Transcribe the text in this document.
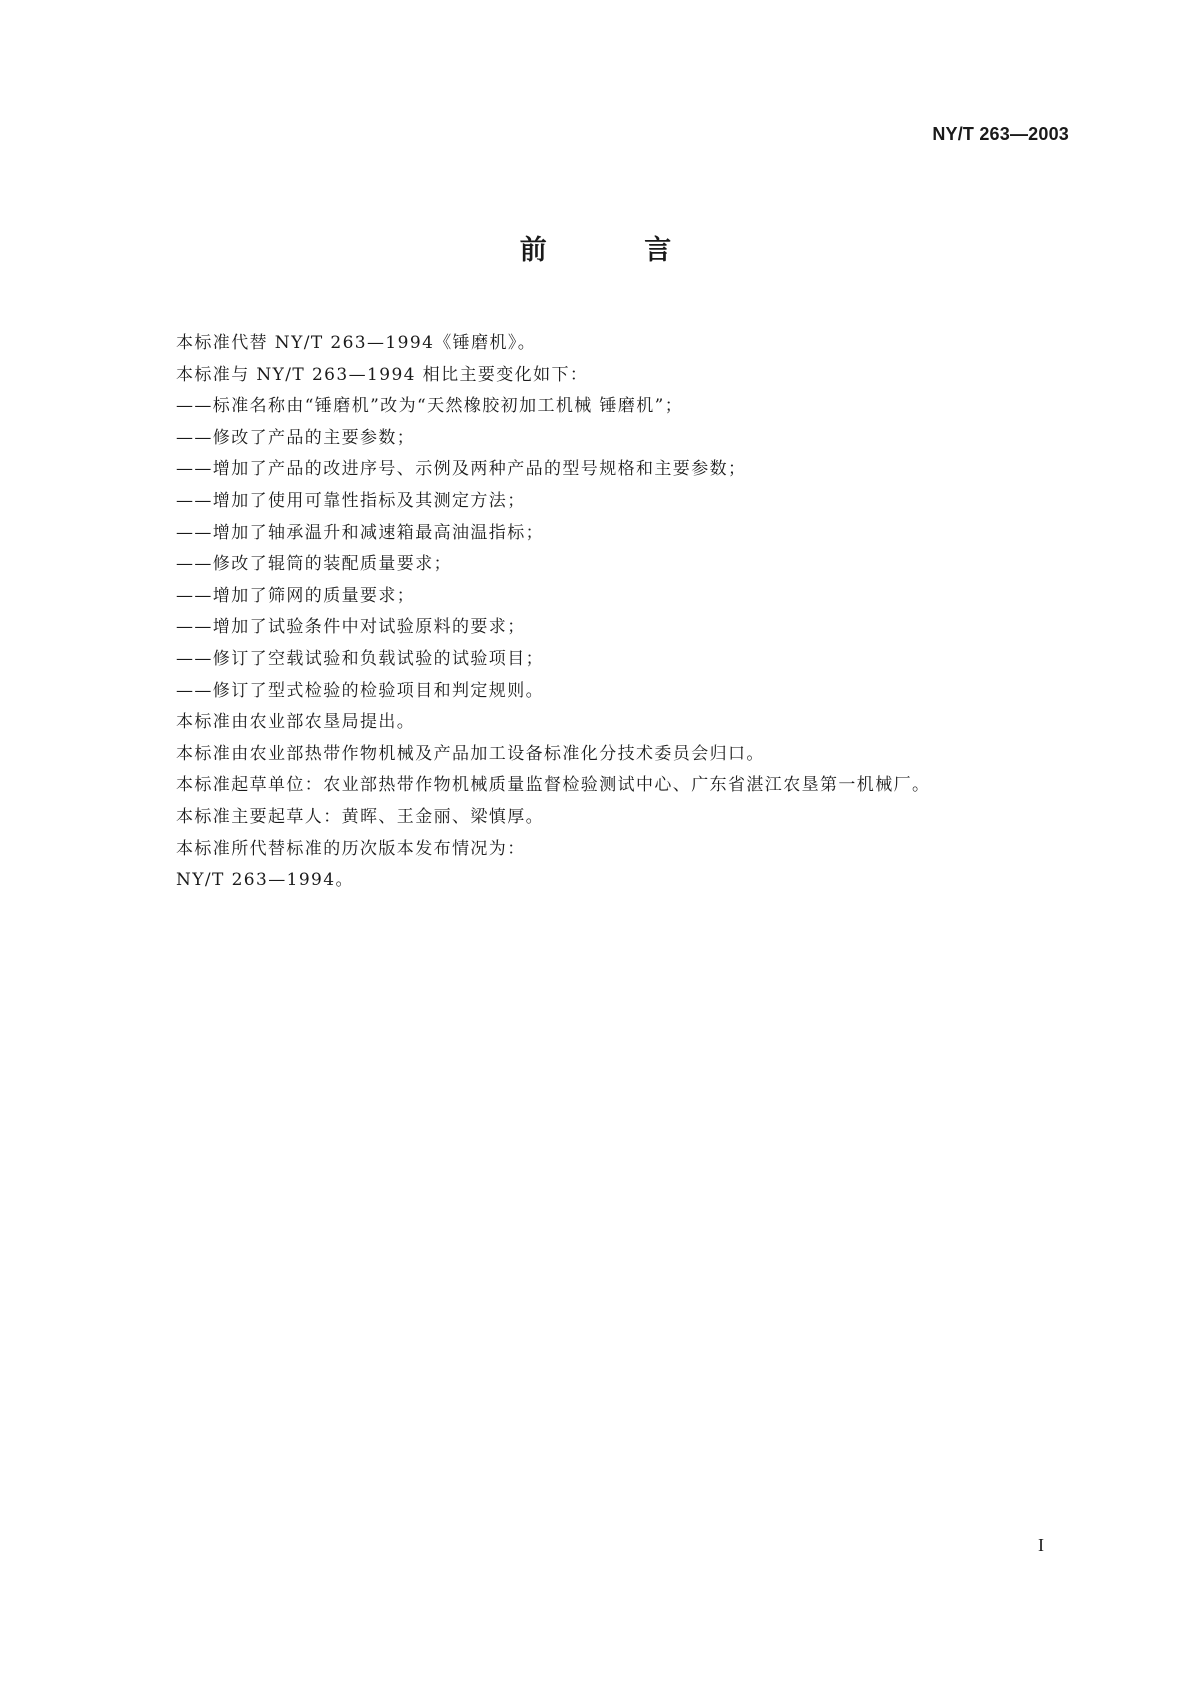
NY/T 263—2003
前 言
本标准代替 NY/T 263—1994《锤磨机》。
本标准与 NY/T 263—1994 相比主要变化如下：
——标准名称由“锤磨机”改为“天然橡胶初加工机械 锤磨机”；
——修改了产品的主要参数；
——增加了产品的改进序号、示例及两种产品的型号规格和主要参数；
——增加了使用可靠性指标及其测定方法；
——增加了轴承温升和减速箱最高油温指标；
——修改了辊筒的装配质量要求；
——增加了筛网的质量要求；
——增加了试验条件中对试验原料的要求；
——修订了空载试验和负载试验的试验项目；
——修订了型式检验的检验项目和判定规则。
本标准由农业部农垦局提出。
本标准由农业部热带作物机械及产品加工设备标准化分技术委员会归口。
本标准起草单位：农业部热带作物机械质量监督检验测试中心、广东省湛江农垦第一机械厂。
本标准主要起草人：黄晖、王金丽、梁慎厚。
本标准所代替标准的历次版本发布情况为：
NY/T 263—1994。
I
